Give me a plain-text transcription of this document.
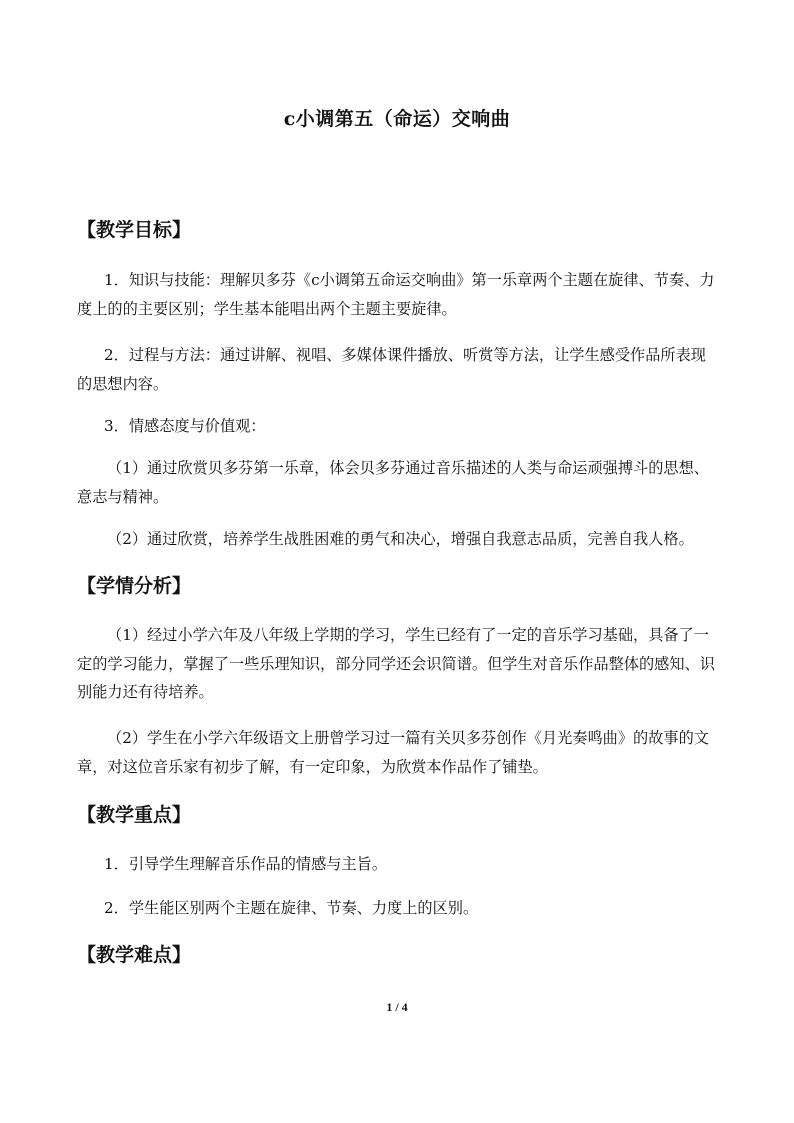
c小调第五（命运）交响曲
【教学目标】
1．知识与技能：理解贝多芬《c小调第五命运交响曲》第一乐章两个主题在旋律、节奏、力度上的的主要区别；学生基本能唱出两个主题主要旋律。
2．过程与方法：通过讲解、视唱、多媒体课件播放、听赏等方法，让学生感受作品所表现的思想内容。
3．情感态度与价值观：
（1）通过欣赏贝多芬第一乐章，体会贝多芬通过音乐描述的人类与命运顽强搏斗的思想、意志与精神。
（2）通过欣赏，培养学生战胜困难的勇气和决心，增强自我意志品质，完善自我人格。
【学情分析】
（1）经过小学六年及八年级上学期的学习，学生已经有了一定的音乐学习基础，具备了一定的学习能力，掌握了一些乐理知识，部分同学还会识简谱。但学生对音乐作品整体的感知、识别能力还有待培养。
（2）学生在小学六年级语文上册曾学习过一篇有关贝多芬创作《月光奏鸣曲》的故事的文章，对这位音乐家有初步了解，有一定印象，为欣赏本作品作了铺垫。
【教学重点】
1．引导学生理解音乐作品的情感与主旨。
2．学生能区别两个主题在旋律、节奏、力度上的区别。
【教学难点】
1 / 4
